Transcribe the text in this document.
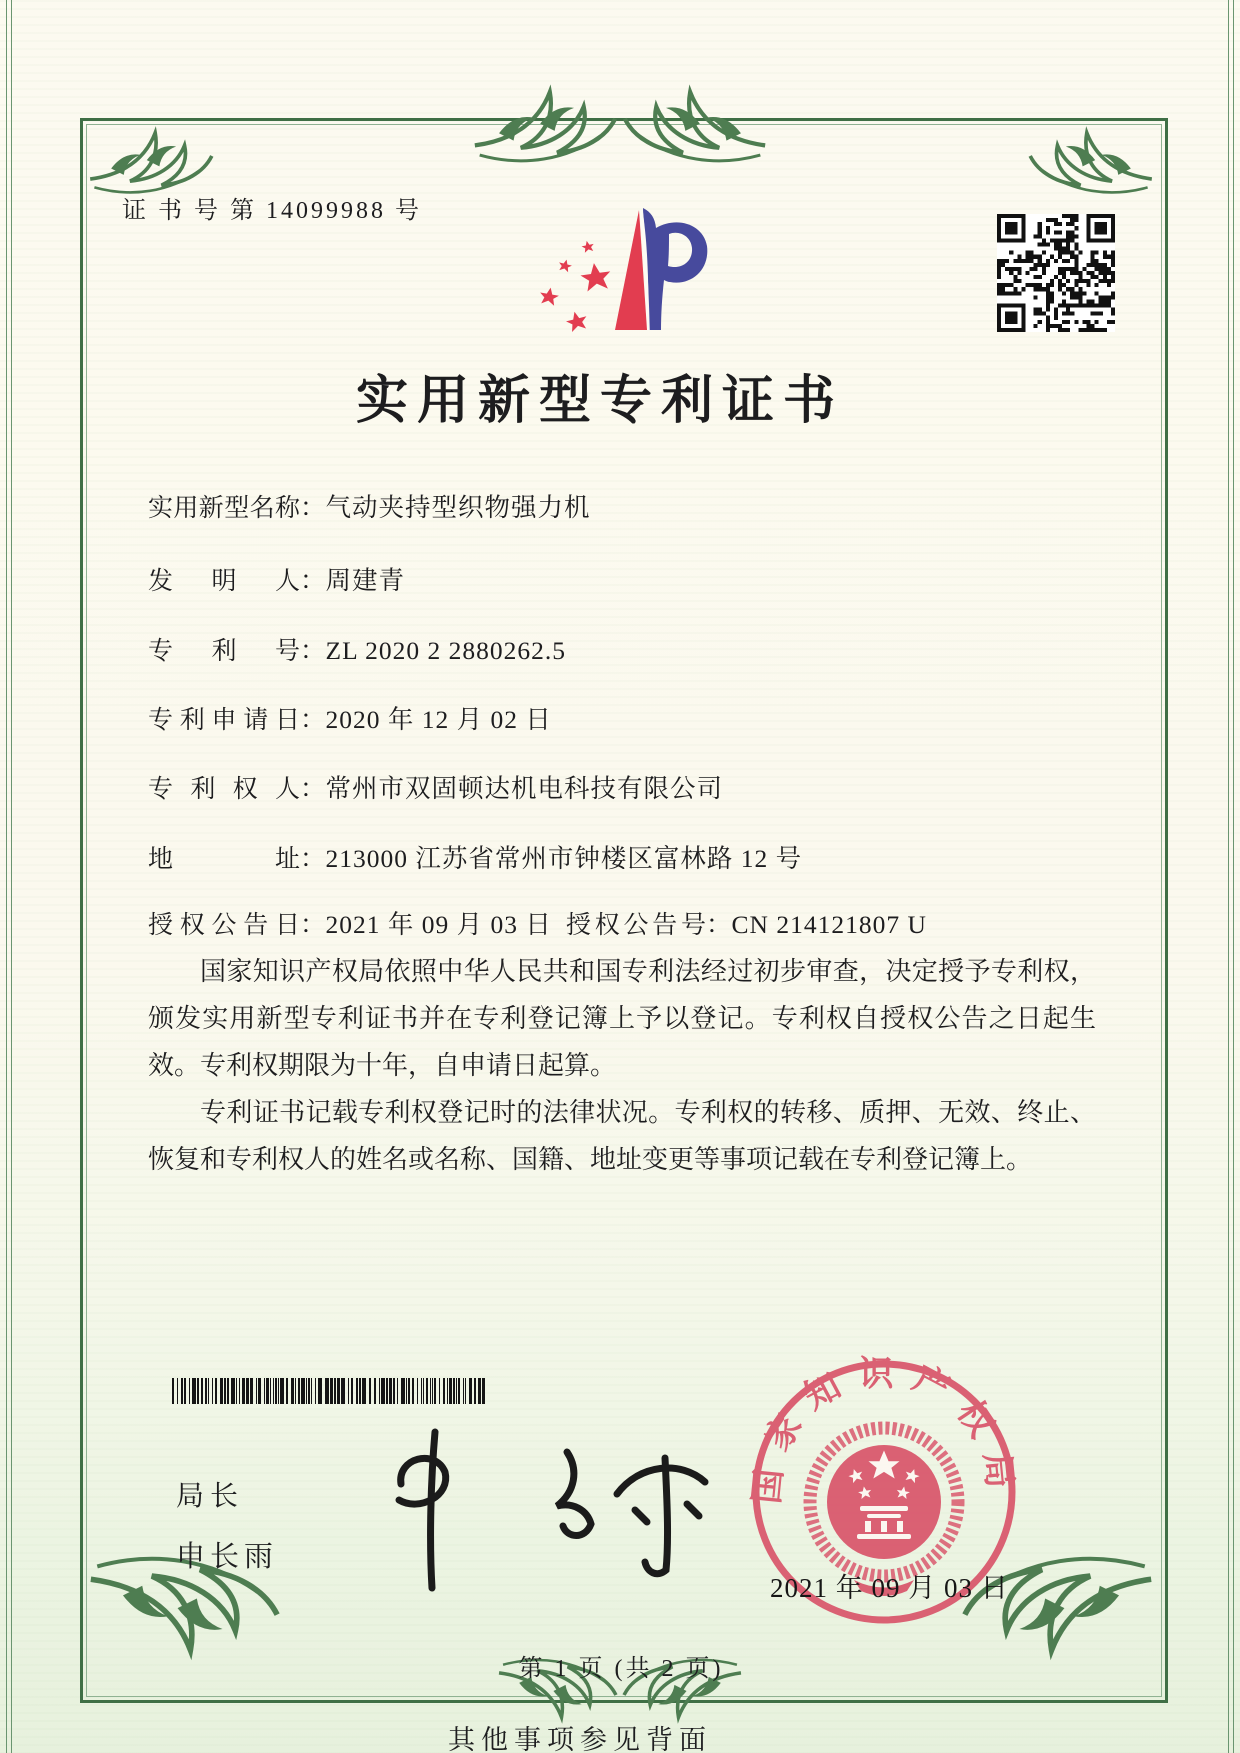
证 书 号 第 14099988 号
实用新型专利证书
实用新型名称：气动夹持型织物强力机
发明人：周建青
专利号：ZL 2020 2 2880262.5
专利申请日：2020 年 12 月 02 日
专利权人：常州市双固顿达机电科技有限公司
地址：213000 江苏省常州市钟楼区富林路 12 号
授权公告日：2021 年 09 月 03 日 授权公告号：CN 214121807 U

国家知识产权局依照中华人民共和国专利法经过初步审查，决定授予专利权，颁发实用新型专利证书并在专利登记簿上予以登记。专利权自授权公告之日起生效。专利权期限为十年，自申请日起算。

专利证书记载专利权登记时的法律状况。专利权的转移、质押、无效、终止、恢复和专利权人的姓名或名称、国籍、地址变更等事项记载在专利登记簿上。

局长
申长雨
国家知识产权局
2021 年 09 月 03 日
第 1 页 (共 2 页)
其他事项参见背面
